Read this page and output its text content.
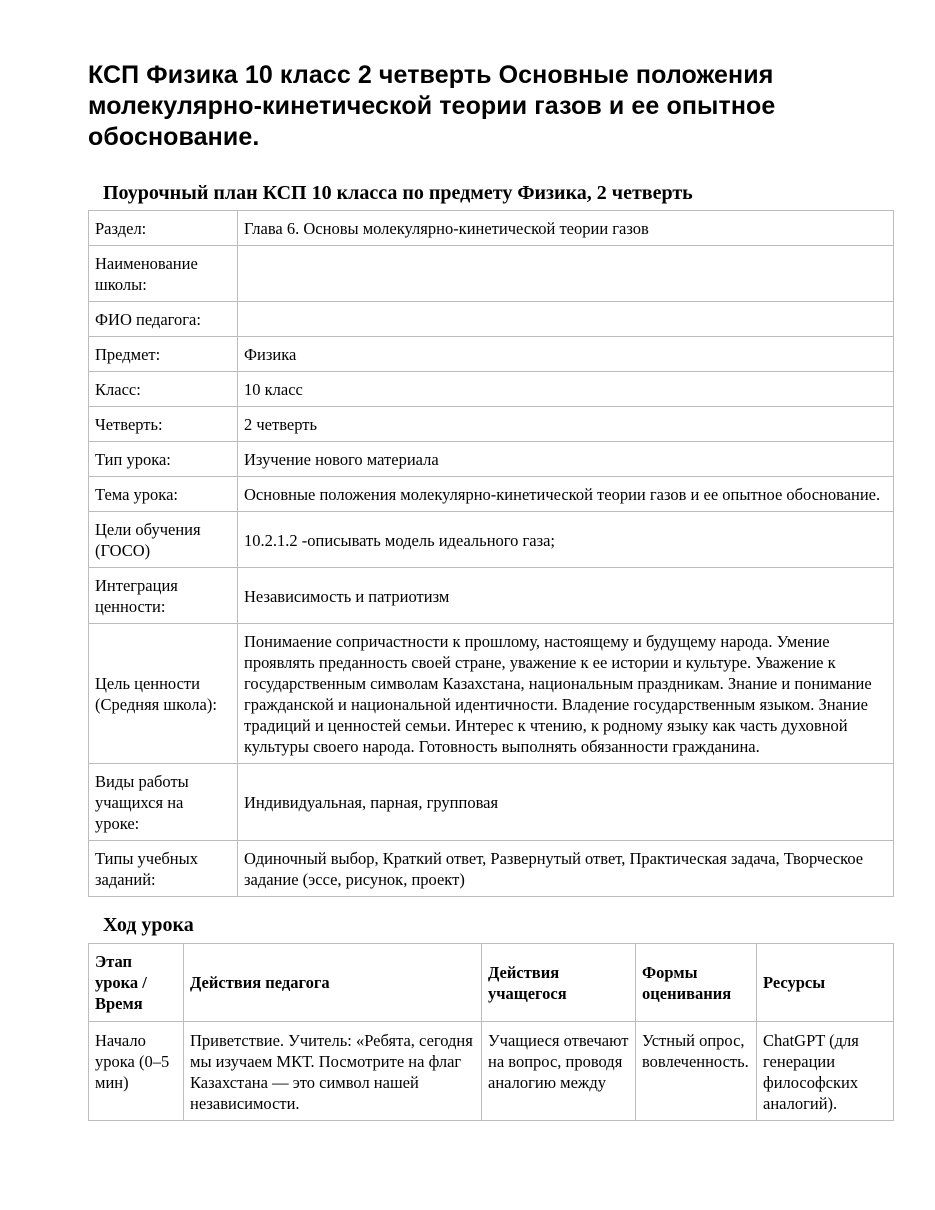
КСП Физика 10 класс 2 четверть Основные положения молекулярно-кинетической теории газов и ее опытное обоснование.
Поурочный план КСП 10 класса по предмету Физика, 2 четверть
Раздел:	Глава 6. Основы молекулярно-кинетической теории газов
Наименование школы:	
ФИО педагога:	
Предмет:	Физика
Класс:	10 класс
Четверть:	2 четверть
Тип урока:	Изучение нового материала
Тема урока:	Основные положения молекулярно-кинетической теории газов и ее опытное обоснование.
Цели обучения (ГОСО)	10.2.1.2 -описывать модель идеального газа;
Интеграция ценности:	Независимость и патриотизм
Цель ценности (Средняя школа):	Понимаение сопричастности к прошлому, настоящему и будущему народа. Умение проявлять преданность своей стране, уважение к ее истории и культуре. Уважение к государственным символам Казахстана, национальным праздникам. Знание и понимание гражданской и национальной идентичности. Владение государственным языком. Знание традиций и ценностей семьи. Интерес к чтению, к родному языку как часть духовной культуры своего народа. Готовность выполнять обязанности гражданина.
Виды работы учащихся на уроке:	Индивидуальная, парная, групповая
Типы учебных заданий:	Одиночный выбор, Краткий ответ, Развернутый ответ, Практическая задача, Творческое задание (эссе, рисунок, проект)
Ход урока
Этап урока / Время	Действия педагога	Действия учащегося	Формы оценивания	Ресурсы
Начало урока (0–5 мин)	Приветствие. Учитель: «Ребята, сегодня мы изучаем МКТ. Посмотрите на флаг Казахстана — это символ нашей независимости.	Учащиеся отвечают на вопрос, проводя аналогию между	Устный опрос, вовлеченность.	ChatGPT (для генерации философских аналогий).
